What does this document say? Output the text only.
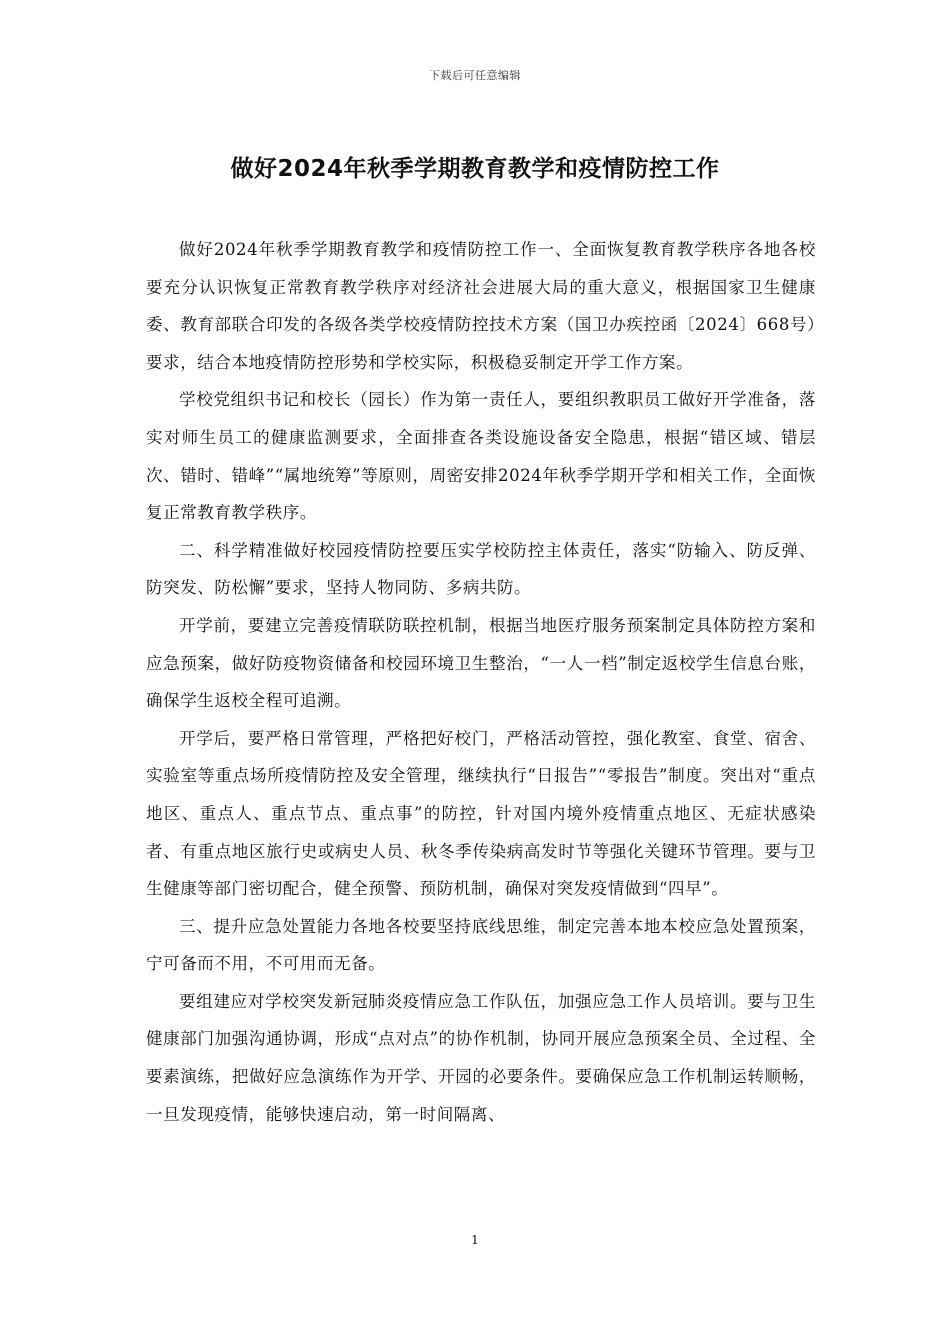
下载后可任意编辑
做好2024年秋季学期教育教学和疫情防控工作

做好2024年秋季学期教育教学和疫情防控工作一、全面恢复教育教学秩序各地各校要充分认识恢复正常教育教学秩序对经济社会进展大局的重大意义，根据国家卫生健康委、教育部联合印发的各级各类学校疫情防控技术方案（国卫办疾控函〔2024〕668号）要求，结合本地疫情防控形势和学校实际，积极稳妥制定开学工作方案。

学校党组织书记和校长（园长）作为第一责任人，要组织教职员工做好开学准备，落实对师生员工的健康监测要求，全面排查各类设施设备安全隐患，根据“错区域、错层次、错时、错峰”“属地统筹”等原则，周密安排2024年秋季学期开学和相关工作，全面恢复正常教育教学秩序。

二、科学精准做好校园疫情防控要压实学校防控主体责任，落实“防输入、防反弹、防突发、防松懈”要求，坚持人物同防、多病共防。

开学前，要建立完善疫情联防联控机制，根据当地医疗服务预案制定具体防控方案和应急预案，做好防疫物资储备和校园环境卫生整治，“一人一档”制定返校学生信息台账，确保学生返校全程可追溯。

开学后，要严格日常管理，严格把好校门，严格活动管控，强化教室、食堂、宿舍、实验室等重点场所疫情防控及安全管理，继续执行“日报告”“零报告”制度。突出对“重点地区、重点人、重点节点、重点事”的防控，针对国内境外疫情重点地区、无症状感染者、有重点地区旅行史或病史人员、秋冬季传染病高发时节等强化关键环节管理。要与卫生健康等部门密切配合，健全预警、预防机制，确保对突发疫情做到“四早”。

三、提升应急处置能力各地各校要坚持底线思维，制定完善本地本校应急处置预案，宁可备而不用，不可用而无备。

要组建应对学校突发新冠肺炎疫情应急工作队伍，加强应急工作人员培训。要与卫生健康部门加强沟通协调，形成“点对点”的协作机制，协同开展应急预案全员、全过程、全要素演练，把做好应急演练作为开学、开园的必要条件。要确保应急工作机制运转顺畅，一旦发现疫情，能够快速启动，第一时间隔离、

1
